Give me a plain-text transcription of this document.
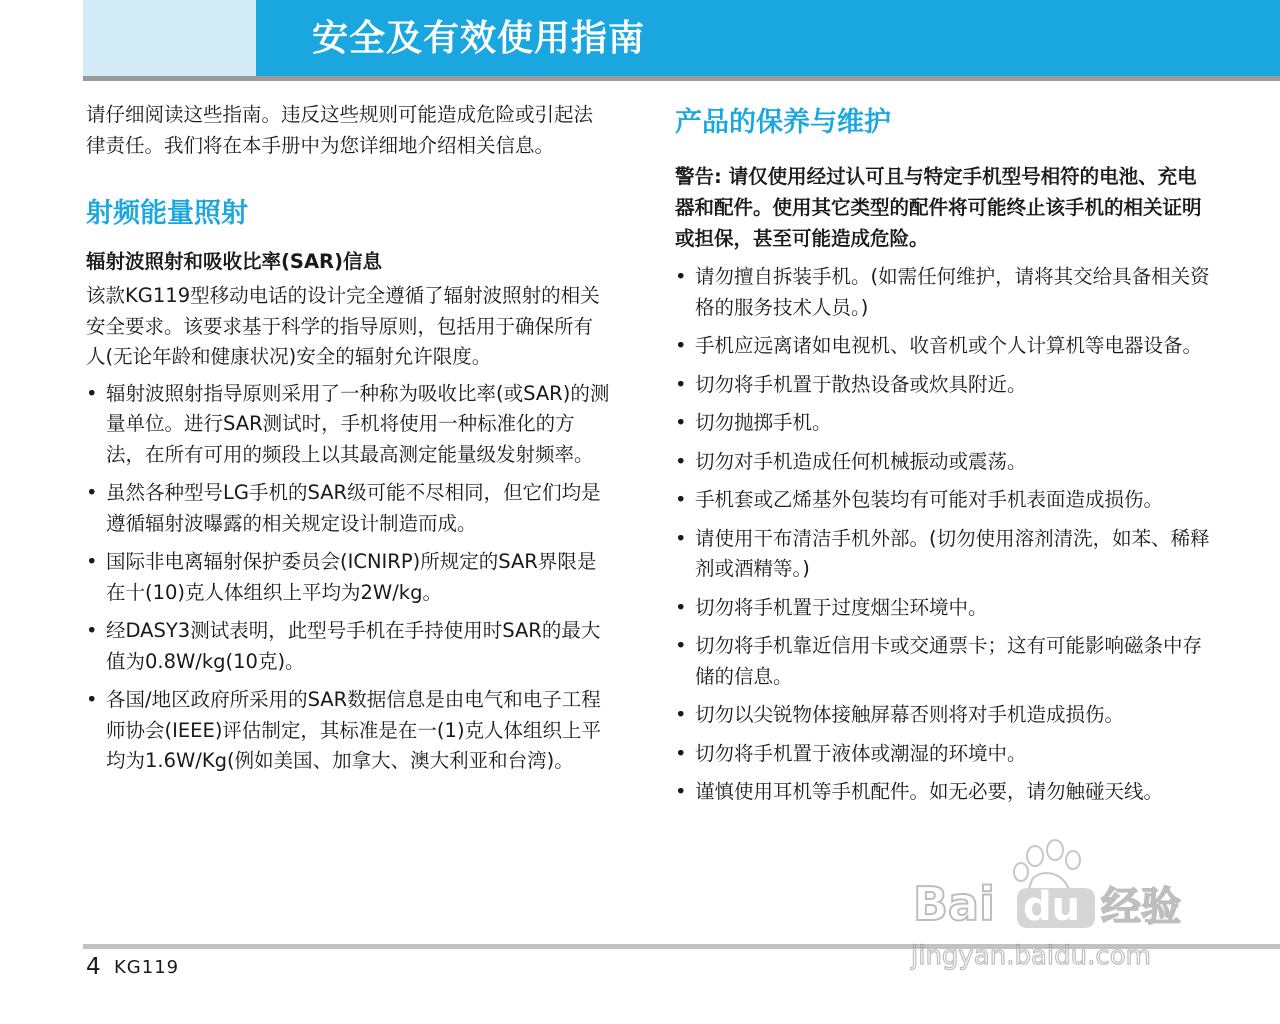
安全及有效使用指南

请仔细阅读这些指南。违反这些规则可能造成危险或引起法律责任。我们将在本手册中为您详细地介绍相关信息。

射频能量照射
辐射波照射和吸收比率(SAR)信息

该款KG119型移动电话的设计完全遵循了辐射波照射的相关安全要求。该要求基于科学的指导原则，包括用于确保所有人(无论年龄和健康状况)安全的辐射允许限度。

• 辐射波照射指导原则采用了一种称为吸收比率(或SAR)的测量单位。进行SAR测试时，手机将使用一种标准化的方法，在所有可用的频段上以其最高测定能量级发射频率。
• 虽然各种型号LG手机的SAR级可能不尽相同，但它们均是遵循辐射波曝露的相关规定设计制造而成。
• 国际非电离辐射保护委员会(ICNIRP)所规定的SAR界限是在十(10)克人体组织上平均为2W/kg。
• 经DASY3测试表明，此型号手机在手持使用时SAR的最大值为0.8W/kg(10克)。
• 各国/地区政府所采用的SAR数据信息是由电气和电子工程师协会(IEEE)评估制定，其标准是在一(1)克人体组织上平均为1.6W/Kg(例如美国、加拿大、澳大利亚和台湾)。
产品的保养与维护

警告: 请仅使用经过认可且与特定手机型号相符的电池、充电器和配件。使用其它类型的配件将可能终止该手机的相关证明或担保，甚至可能造成危险。

• 请勿擅自拆装手机。(如需任何维护，请将其交给具备相关资格的服务技术人员。)
• 手机应远离诸如电视机、收音机或个人计算机等电器设备。
• 切勿将手机置于散热设备或炊具附近。
• 切勿抛掷手机。
• 切勿对手机造成任何机械振动或震荡。
• 手机套或乙烯基外包装均有可能对手机表面造成损伤。
• 请使用干布清洁手机外部。(切勿使用溶剂清洗，如苯、稀释剂或酒精等。)
• 切勿将手机置于过度烟尘环境中。
• 切勿将手机靠近信用卡或交通票卡；这有可能影响磁条中存储的信息。
• 切勿以尖锐物体接触屏幕否则将对手机造成损伤。
• 切勿将手机置于液体或潮湿的环境中。
• 谨慎使用耳机等手机配件。如无必要，请勿触碰天线。
4 KG119
Bai du 经验
jingyan.baidu.com
